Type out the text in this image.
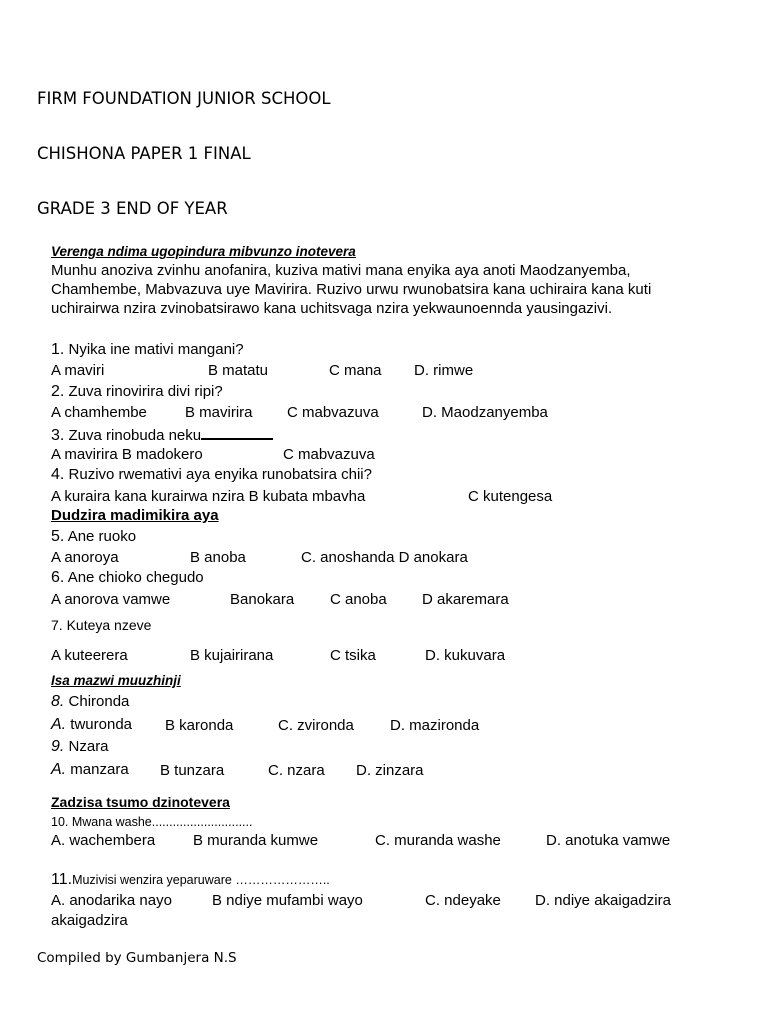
FIRM FOUNDATION JUNIOR SCHOOL
CHISHONA PAPER 1 FINAL
GRADE 3 END OF YEAR
Verenga ndima ugopindura mibvunzo inotevera
Munhu anoziva zvinhu anofanira, kuziva mativi mana enyika aya anoti Maodzanyemba,
Chamhembe, Mabvazuva uye Mavirira. Ruzivo urwu rwunobatsira kana uchiraira kana kuti
uchirairwa nzira zvinobatsirawo kana uchitsvaga nzira yekwaunoennda yausingazivi.
1. Nyika ine mativi mangani?
A maviri	B matatu	C mana D. rimwe
2. Zuva rinovirira divi ripi?
A chamhembe	B mavirira C mabvazuva	D. Maodzanyemba
3. Zuva rinobuda neku
A mavirira B madokero	C mabvazuva
4. Ruzivo rwemativi aya enyika runobatsira chii?
A kuraira kana kurairwa nzira B kubata mbavha	C kutengesa
Dudzira madimikira aya
5. Ane ruoko
A anoroya	B anoba	C. anoshanda D anokara
6. Ane chioko chegudo
A anorova vamwe	Banokara C anoba D akaremara
7. Kuteya nzeve
A kuteerera	B kujairirana	C tsika	D. kukuvara
Isa mazwi muuzhinji
8. Chironda
A. twuronda B karonda	C. zvironda D. mazironda
9. Nzara
A. manzara B tunzara	C. nzara D. zinzara
Zadzisa tsumo dzinotevera
10. Mwana washe.............................
A. wachembera	B muranda kumwe	C. muranda washe	D. anotuka vamwe
11.Muzivisi wenzira yeparuware …………………..
A. anodarika nayo	B ndiye mufambi wayo	C. ndeyake D. ndiye akaigadzira
akaigadzira
Compiled by Gumbanjera N.S
